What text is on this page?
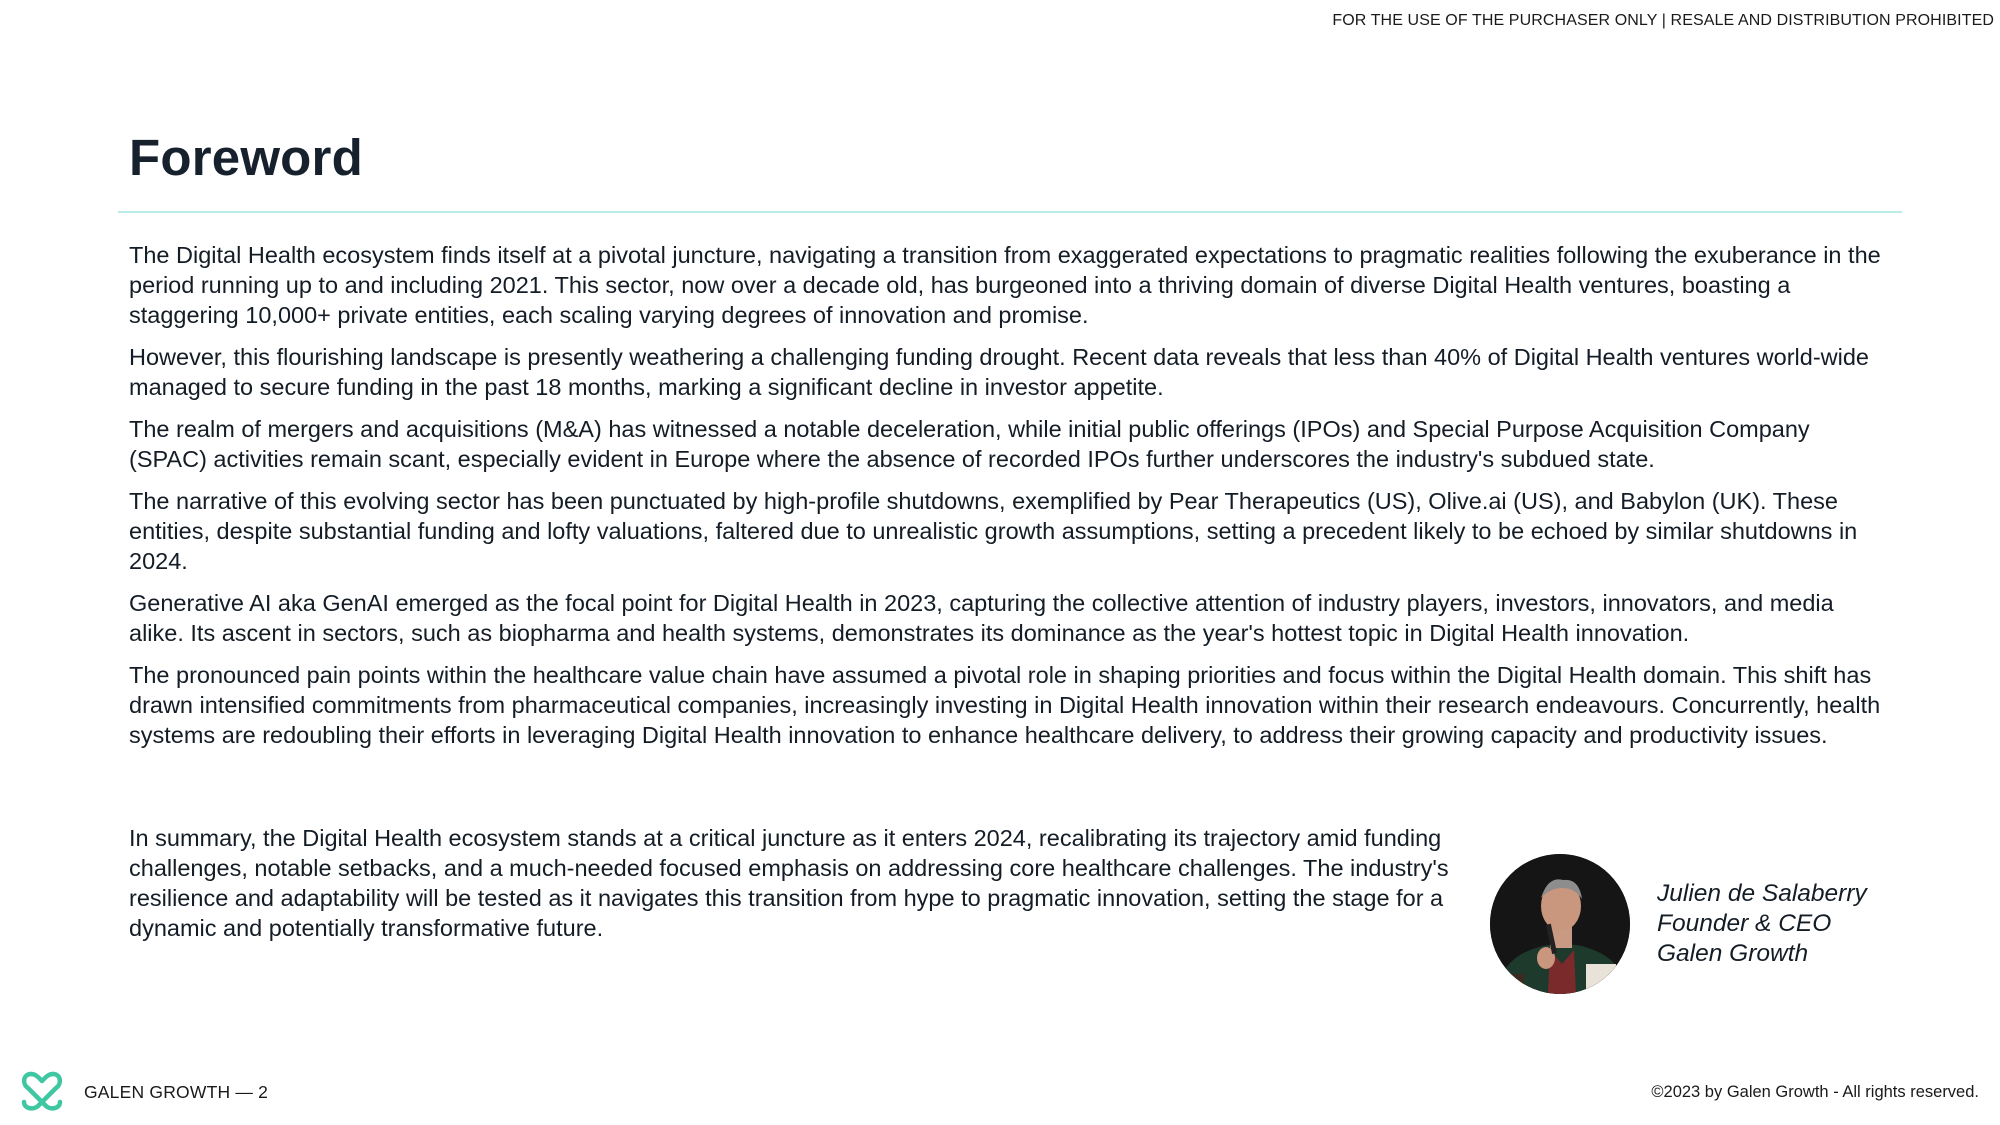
FOR THE USE OF THE PURCHASER ONLY | RESALE AND DISTRIBUTION PROHIBITED
Foreword

The Digital Health ecosystem finds itself at a pivotal juncture, navigating a transition from exaggerated expectations to pragmatic realities following the exuberance in the period running up to and including 2021. This sector, now over a decade old, has burgeoned into a thriving domain of diverse Digital Health ventures, boasting a staggering 10,000+ private entities, each scaling varying degrees of innovation and promise.

However, this flourishing landscape is presently weathering a challenging funding drought. Recent data reveals that less than 40% of Digital Health ventures world-wide managed to secure funding in the past 18 months, marking a significant decline in investor appetite.

The realm of mergers and acquisitions (M&A) has witnessed a notable deceleration, while initial public offerings (IPOs) and Special Purpose Acquisition Company (SPAC) activities remain scant, especially evident in Europe where the absence of recorded IPOs further underscores the industry's subdued state.

The narrative of this evolving sector has been punctuated by high-profile shutdowns, exemplified by Pear Therapeutics (US), Olive.ai (US), and Babylon (UK). These entities, despite substantial funding and lofty valuations, faltered due to unrealistic growth assumptions, setting a precedent likely to be echoed by similar shutdowns in 2024.

Generative AI aka GenAI emerged as the focal point for Digital Health in 2023, capturing the collective attention of industry players, investors, innovators, and media alike. Its ascent in sectors, such as biopharma and health systems, demonstrates its dominance as the year's hottest topic in Digital Health innovation.

The pronounced pain points within the healthcare value chain have assumed a pivotal role in shaping priorities and focus within the Digital Health domain. This shift has drawn intensified commitments from pharmaceutical companies, increasingly investing in Digital Health innovation within their research endeavours. Concurrently, health systems are redoubling their efforts in leveraging Digital Health innovation to enhance healthcare delivery, to address their growing capacity and productivity issues.

In summary, the Digital Health ecosystem stands at a critical juncture as it enters 2024, recalibrating its trajectory amid funding challenges, notable setbacks, and a much-needed focused emphasis on addressing core healthcare challenges. The industry's resilience and adaptability will be tested as it navigates this transition from hype to pragmatic innovation, setting the stage for a dynamic and potentially transformative future.

Julien de Salaberry
Founder & CEO
Galen Growth
GALEN GROWTH — 2	©2023 by Galen Growth - All rights reserved.
